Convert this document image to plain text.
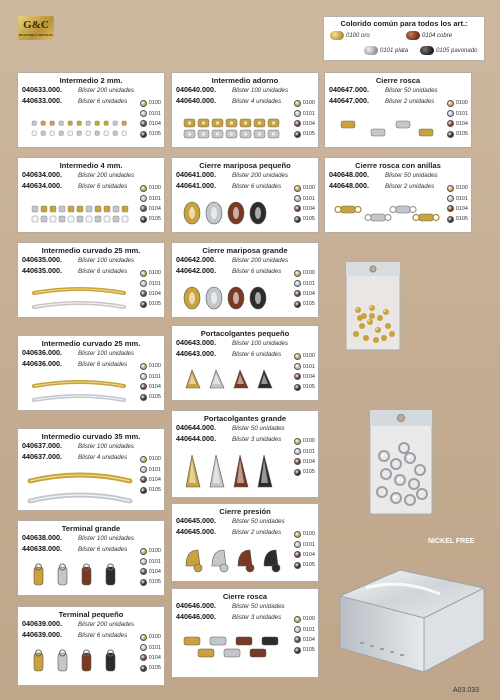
G&C
BISUTERÍA Y METALES
Colorido común para todos los art.:
0100
oro	0104
cobre
0101
plata	0105
pavonado
Intermedio 2 mm.
040633.000.	Blister 200 unidades
440633.000.	Blister 6 unidades	0100
0101
0104
0105
Intermedio adorno
040640.000.	Blister 100 unidades
440640.000.	Blister 4 unidades	0100
0101
0104
0105
Cierre rosca
040647.000.	Blister 50 unidades
440647.000.	Blister 2 unidades	0100
0101
0104
0105
Intermedio 4 mm.
040634.000.	Blister 200 unidades
440634.000.	Blister 6 unidades	0100
0101
0104
0105
Cierre mariposa pequeño
040641.000.	Blister 200 unidades
440641.000.	Blister 6 unidades	0100
0101
0104
0105
Cierre rosca con anillas
040648.000.	Blister 50 unidades
440648.000.	Blister 2 unidades	0100
0101
0104
0105
Intermedio curvado 25 mm.
040635.000.	Blister 100 unidades
440635.000.	Blister 6 unidades	0100
0101
0104
0105
Cierre mariposa grande
040642.000.	Blister 200 unidades
440642.000.	Blister 6 unidades	0100
0101
0104
0105
Intermedio curvado 25 mm.
040636.000.	Blister 100 unidades
440636.000.	Blister 6 unidades	0100
0101
0104
0105
Portacolgantes pequeño
040643.000.	Blister 100 unidades
440643.000.	Blister 6 unidades	0100
0101
0104
0105
Intermedio curvado 35 mm.
040637.000.	Blister 100 unidades
440637.000.	Blister 4 unidades	0100
0101
0104
0105
Portacolgantes grande
040644.000.	Blister 50 unidades
440644.000.	Blister 3 unidades	0100
0101
0104
0105
Terminal grande
040638.000.	Blister 100 unidades
440638.000.	Blister 6 unidades	0100
0101
0104
0105
Cierre presión
040645.000.	Blister 50 unidades
440645.000.	Blister 2 unidades	0100
0101
0104
0105
Terminal pequeño
040639.000.	Blister 200 unidades
440639.000.	Blister 6 unidades	0100
0101
0104
0105
Cierre rosca
040646.000.	Blister 50 unidades
440646.000.	Blister 3 unidades	0100
0101
0104
0105
NICKEL FREE
A03.033
